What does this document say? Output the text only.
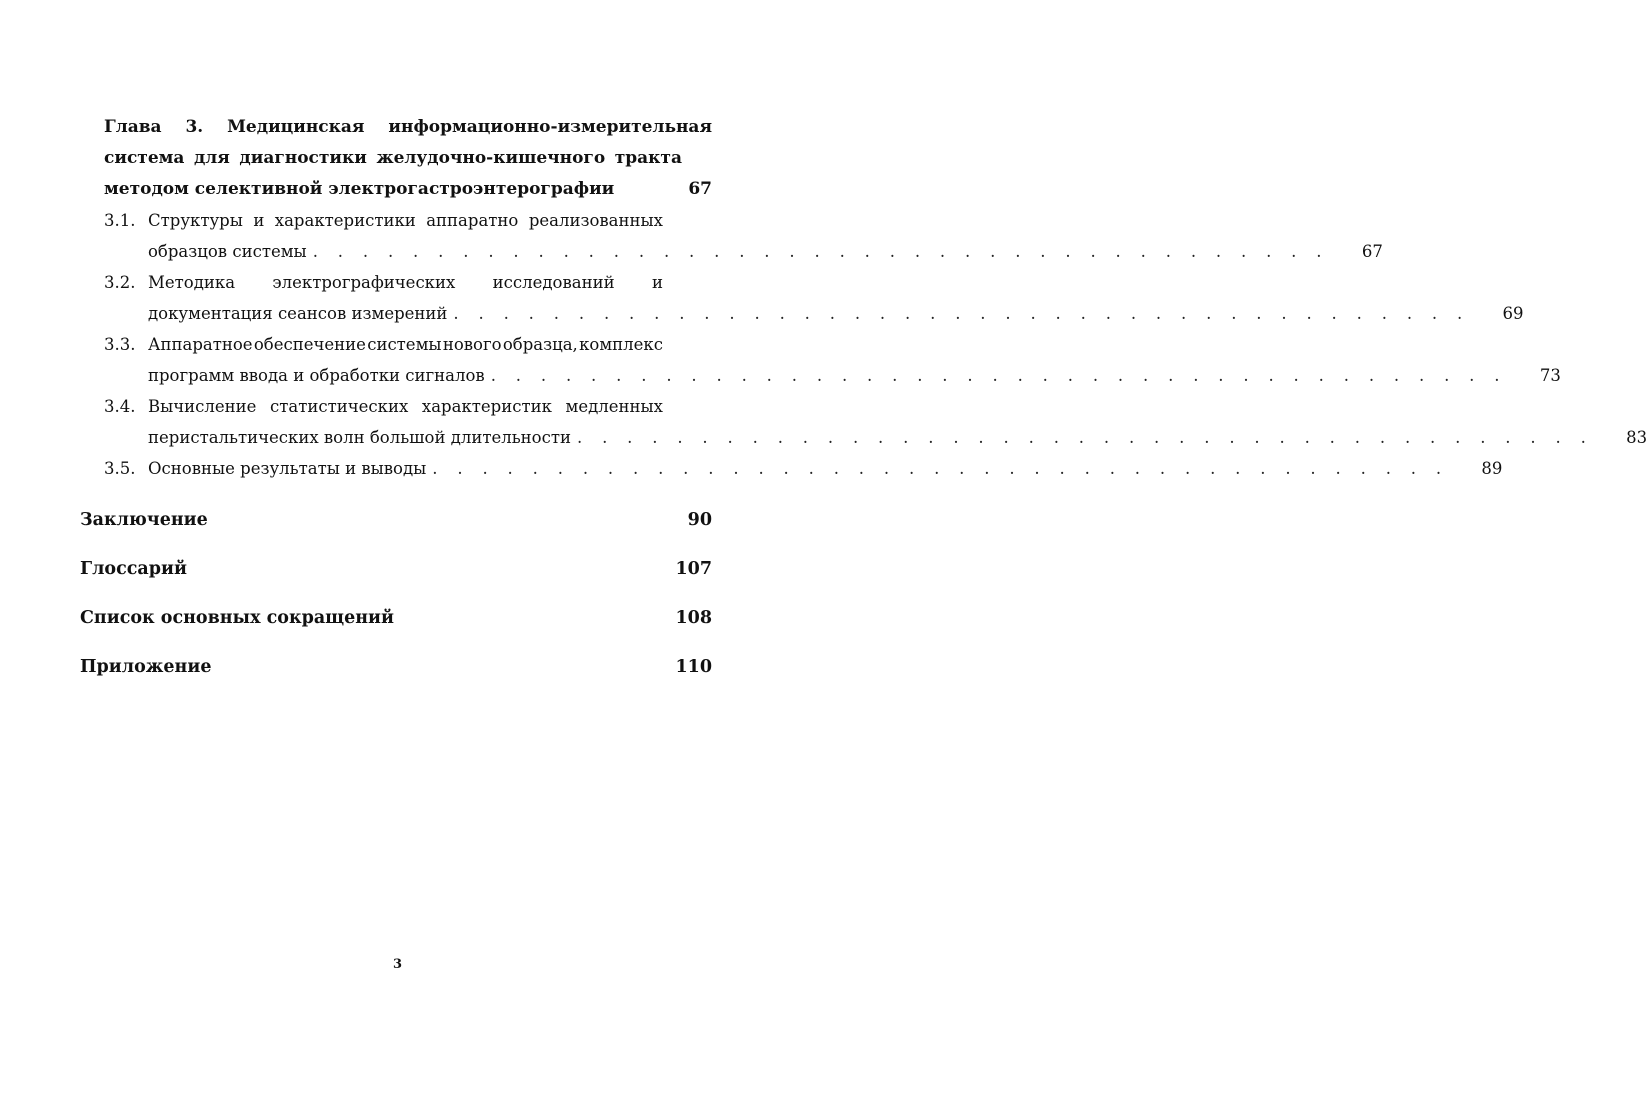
Глава 3. Медицинская информационно-измерительная
система для диагностики желудочно-кишечного тракта
методом селективной электрогастроэнтерографии	67
3.1. Структуры и характеристики аппаратно реализованных
образцов системы . . . . . . . . . . . . . . . . . . . . . . . . . . . . . . . . . . . . . . . . .	67
3.2. Методика электрографических исследований и
документация сеансов измерений . . . . . . . . . . . . . . . . . . . . . . . . . . . . . . . . . . . . . . . . .	69
3.3. Аппаратное обеспечение системы нового образца, комплекс
программ ввода и обработки сигналов . . . . . . . . . . . . . . . . . . . . . . . . . . . . . . . . . . . . . . . . .	73
3.4. Вычисление статистических характеристик медленных
перистальтических волн большой длительности . . . . . . . . . . . . . . . . . . . . . . . . . . . . . . . . . . . . . . . . .	83
3.5. Основные результаты и выводы . . . . . . . . . . . . . . . . . . . . . . . . . . . . . . . . . . . . . . . . .	89
Заключение	90
Глоссарий	107
Список основных сокращений	108
Приложение	110
3
